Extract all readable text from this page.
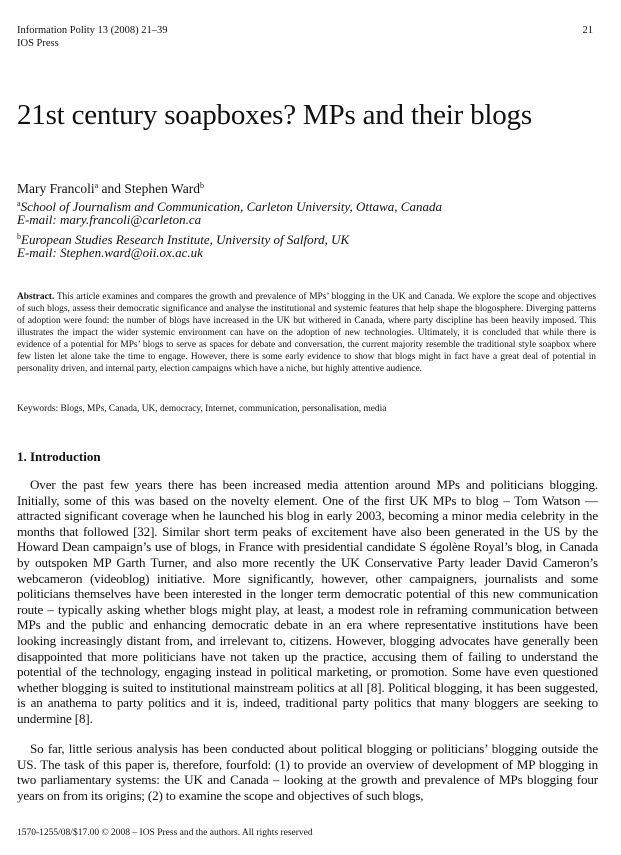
Information Polity 13 (2008) 21–39
IOS Press
21
21st century soapboxes? MPs and their blogs
Mary Francoli$^a$ and Stephen Ward$^b$
$^a$School of Journalism and Communication, Carleton University, Ottawa, Canada
E-mail: mary.francoli@carleton.ca
$^b$European Studies Research Institute, University of Salford, UK
E-mail: Stephen.ward@oii.ox.ac.uk
Abstract. This article examines and compares the growth and prevalence of MPs’ blogging in the UK and Canada. We explore the scope and objectives of such blogs, assess their democratic significance and analyse the institutional and systemic features that help shape the blogosphere. Diverging patterns of adoption were found: the number of blogs have increased in the UK but withered in Canada, where party discipline has been heavily imposed. This illustrates the impact the wider systemic environment can have on the adoption of new technologies. Ultimately, it is concluded that while there is evidence of a potential for MPs’ blogs to serve as spaces for debate and conversation, the current majority resemble the traditional style soapbox where few listen let alone take the time to engage. However, there is some early evidence to show that blogs might in fact have a great deal of potential in personality driven, and internal party, election campaigns which have a niche, but highly attentive audience.
Keywords: Blogs, MPs, Canada, UK, democracy, Internet, communication, personalisation, media
1. Introduction
Over the past few years there has been increased media attention around MPs and politicians blogging. Initially, some of this was based on the novelty element. One of the first UK MPs to blog – Tom Watson — attracted significant coverage when he launched his blog in early 2003, becoming a minor media celebrity in the months that followed [32]. Similar short term peaks of excitement have also been generated in the US by the Howard Dean campaign’s use of blogs, in France with presidential candidate S égolène Royal’s blog, in Canada by outspoken MP Garth Turner, and also more recently the UK Conservative Party leader David Cameron’s webcameron (videoblog) initiative. More significantly, however, other campaigners, journalists and some politicians themselves have been interested in the longer term democratic potential of this new communication route – typically asking whether blogs might play, at least, a modest role in reframing communication between MPs and the public and enhancing democratic debate in an era where representative institutions have been looking increasingly distant from, and irrelevant to, citizens. However, blogging advocates have generally been disappointed that more politicians have not taken up the practice, accusing them of failing to understand the potential of the technology, engaging instead in political marketing, or promotion. Some have even questioned whether blogging is suited to institutional mainstream politics at all [8]. Political blogging, it has been suggested, is an anathema to party politics and it is, indeed, traditional party politics that many bloggers are seeking to undermine [8].
So far, little serious analysis has been conducted about political blogging or politicians’ blogging outside the US. The task of this paper is, therefore, fourfold: (1) to provide an overview of development of MP blogging in two parliamentary systems: the UK and Canada – looking at the growth and prevalence of MPs blogging four years on from its origins; (2) to examine the scope and objectives of such blogs,
1570-1255/08/$17.00 © 2008 – IOS Press and the authors. All rights reserved
